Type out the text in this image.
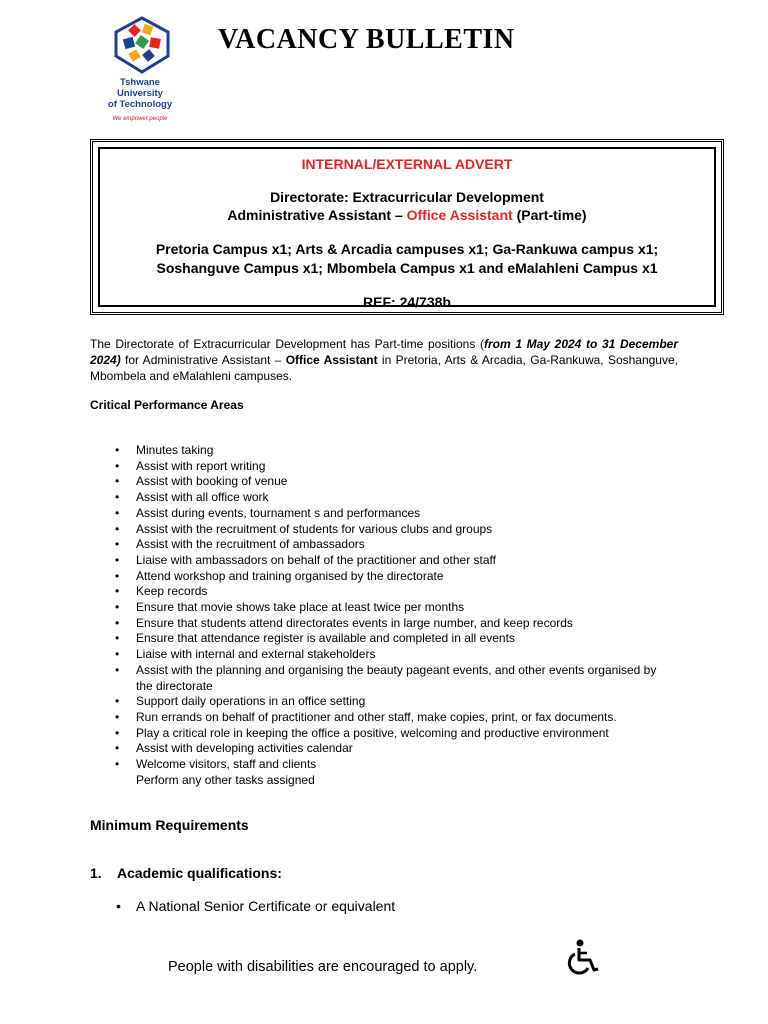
Tshwane University
of Technology
We empower people
VACANCY BULLETIN
INTERNAL/EXTERNAL ADVERT
Directorate: Extracurricular Development
Administrative Assistant – Office Assistant (Part-time)
Pretoria Campus x1; Arts & Arcadia campuses x1; Ga-Rankuwa campus x1;
Soshanguve Campus x1; Mbombela Campus x1 and eMalahleni Campus x1
REF: 24/738b
The Directorate of Extracurricular Development has Part-time positions (from 1 May 2024 to 31 December 2024) for Administrative Assistant – Office Assistant in Pretoria, Arts & Arcadia, Ga-Rankuwa, Soshanguve, Mbombela and eMalahleni campuses.
Critical Performance Areas
• Minutes taking
• Assist with report writing
• Assist with booking of venue
• Assist with all office work
• Assist during events, tournament s and performances
• Assist with the recruitment of students for various clubs and groups
• Assist with the recruitment of ambassadors
• Liaise with ambassadors on behalf of the practitioner and other staff
• Attend workshop and training organised by the directorate
• Keep records
• Ensure that movie shows take place at least twice per months
• Ensure that students attend directorates events in large number, and keep records
• Ensure that attendance register is available and completed in all events
• Liaise with internal and external stakeholders
• Assist with the planning and organising the beauty pageant events, and other events organised by the directorate
• Support daily operations in an office setting
• Run errands on behalf of practitioner and other staff, make copies, print, or fax documents.
• Play a critical role in keeping the office a positive, welcoming and productive environment
• Assist with developing activities calendar
• Welcome visitors, staff and clients
Perform any other tasks assigned
Minimum Requirements
1. Academic qualifications:
• A National Senior Certificate or equivalent
People with disabilities are encouraged to apply.
